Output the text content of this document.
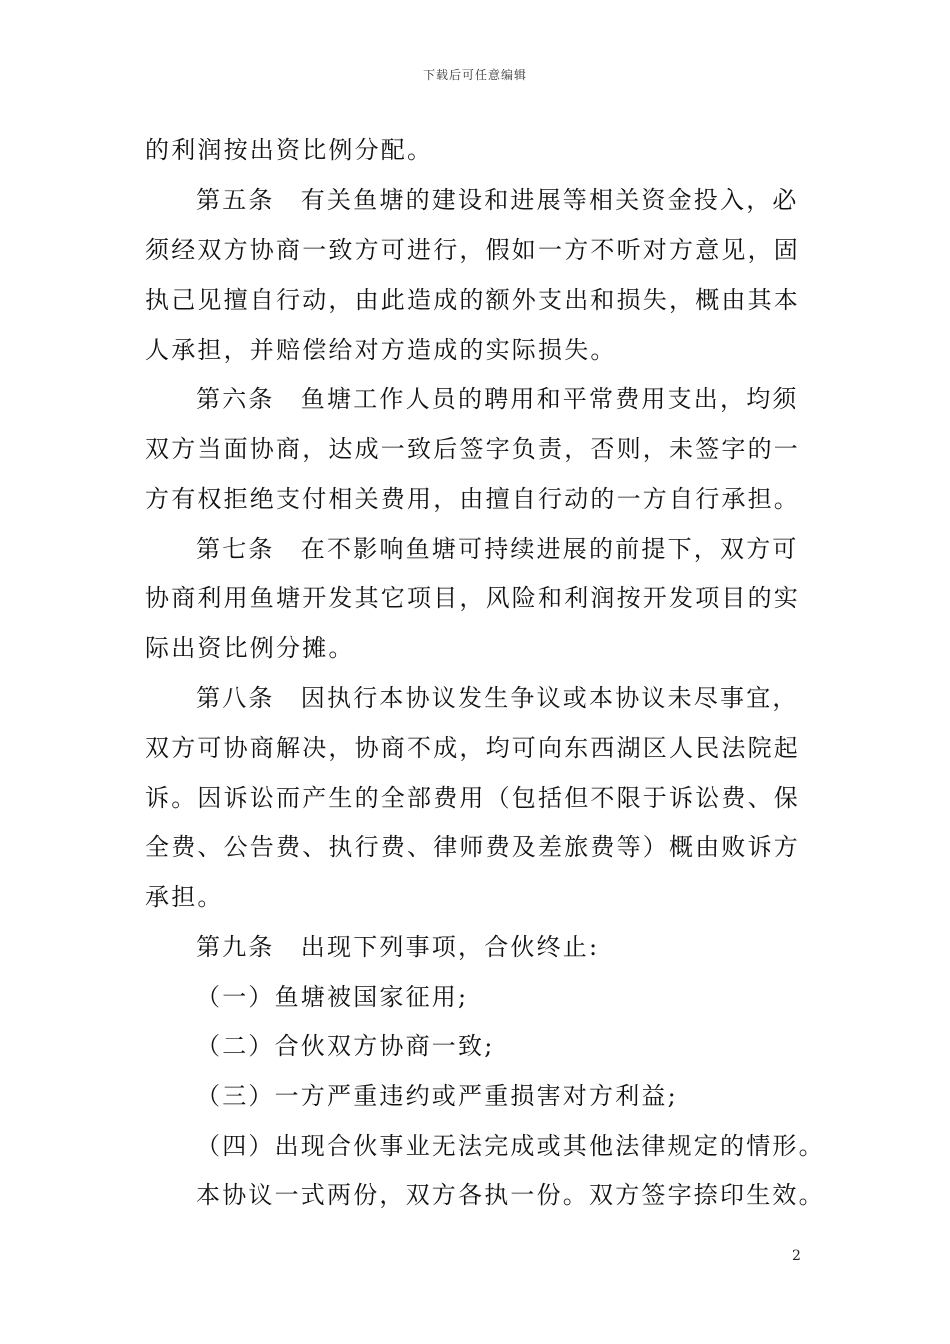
下载后可任意编辑
的利润按出资比例分配。
第五条　有关鱼塘的建设和进展等相关资金投入，必
须经双方协商一致方可进行，假如一方不听对方意见，固
执己见擅自行动，由此造成的额外支出和损失，概由其本
人承担，并赔偿给对方造成的实际损失。
第六条　鱼塘工作人员的聘用和平常费用支出，均须
双方当面协商，达成一致后签字负责，否则，未签字的一
方有权拒绝支付相关费用，由擅自行动的一方自行承担。
第七条　在不影响鱼塘可持续进展的前提下，双方可
协商利用鱼塘开发其它项目，风险和利润按开发项目的实
际出资比例分摊。
第八条　因执行本协议发生争议或本协议未尽事宜，
双方可协商解决，协商不成，均可向东西湖区人民法院起
诉。因诉讼而产生的全部费用（包括但不限于诉讼费、保
全费、公告费、执行费、律师费及差旅费等）概由败诉方
承担。
第九条　出现下列事项，合伙终止:
（一）鱼塘被国家征用;
（二）合伙双方协商一致;
（三）一方严重违约或严重损害对方利益;
（四）出现合伙事业无法完成或其他法律规定的情形。
本协议一式两份，双方各执一份。双方签字捺印生效。
2
